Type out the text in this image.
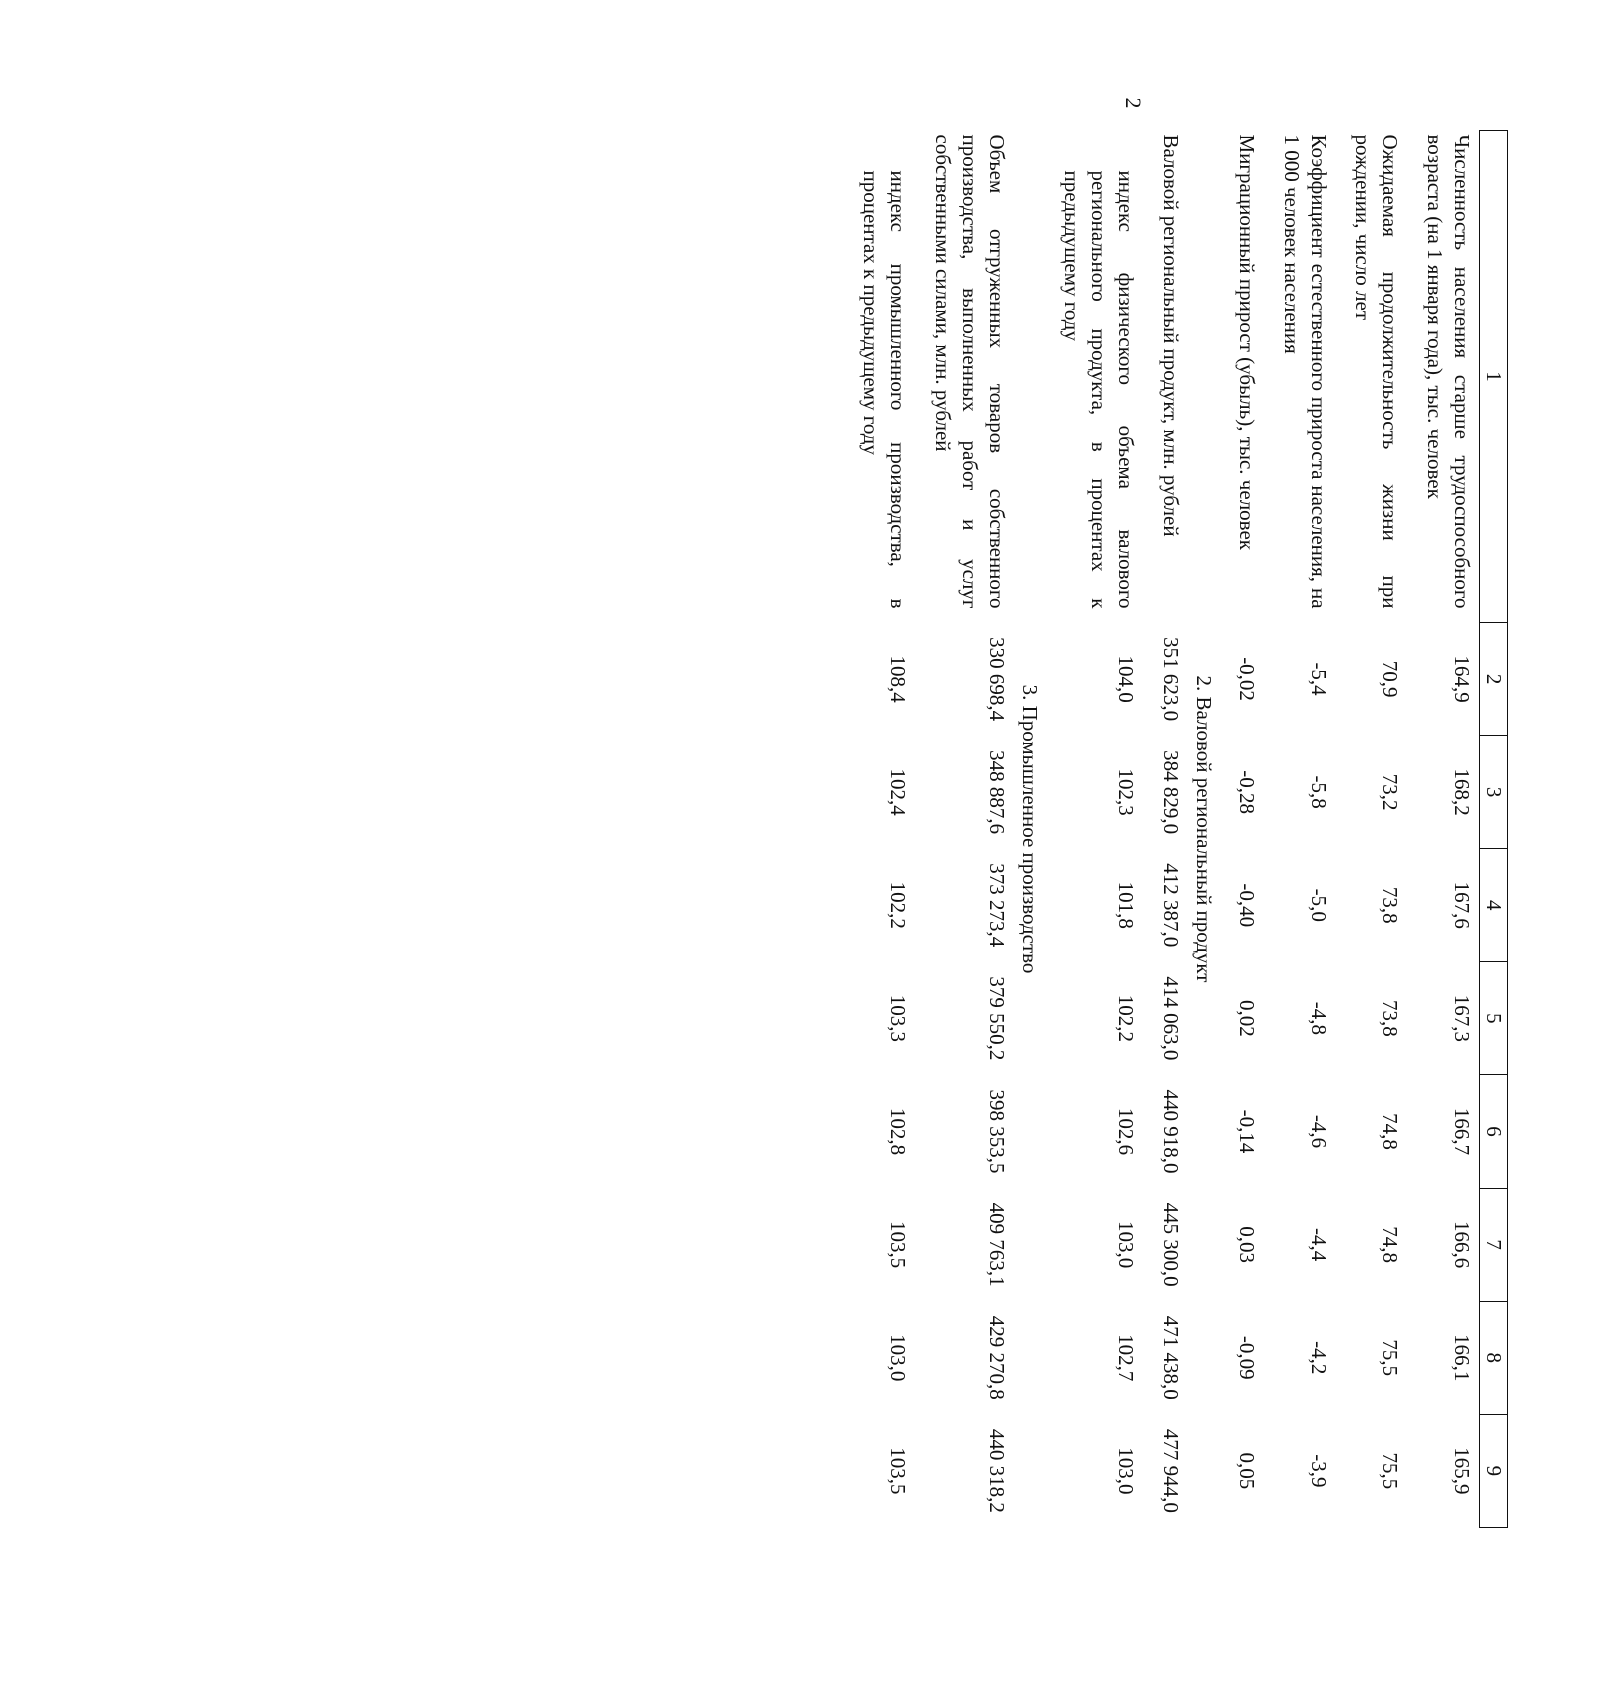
2
1	2	3	4	5	6	7	8	9
Численность населения старше трудоспособного возраста (на 1 января года), тыс. человек	164,9	168,2	167,6	167,3	166,7	166,6	166,1	165,9
Ожидаемая продолжительность жизни при рождении, число лет	70,9	73,2	73,8	73,8	74,8	74,8	75,5	75,5
Коэффициент естественного прироста населения, на 1 000 человек населения	-5,4	-5,8	-5,0	-4,8	-4,6	-4,4	-4,2	-3,9
Миграционный прирост (убыль), тыс. человек	-0,02	-0,28	-0,40	0,02	-0,14	0,03	-0,09	0,05
2. Валовой региональный продукт								
Валовой региональный продукт, млн. рублей	351 623,0	384 829,0	412 387,0	414 063,0	440 918,0	445 300,0	471 438,0	477 944,0
индекс физического объема валового регионального продукта, в процентах к предыдущему году	104,0	102,3	101,8	102,2	102,6	103,0	102,7	103,0
3. Промышленное производство								
Объем отгруженных товаров собственного производства, выполненных работ и услуг собственными силами, млн. рублей	330 698,4	348 887,6	373 273,4	379 550,2	398 353,5	409 763,1	429 270,8	440 318,2
индекс промышленного производства, в процентах к предыдущему году	108,4	102,4	102,2	103,3	102,8	103,5	103,0	103,5
